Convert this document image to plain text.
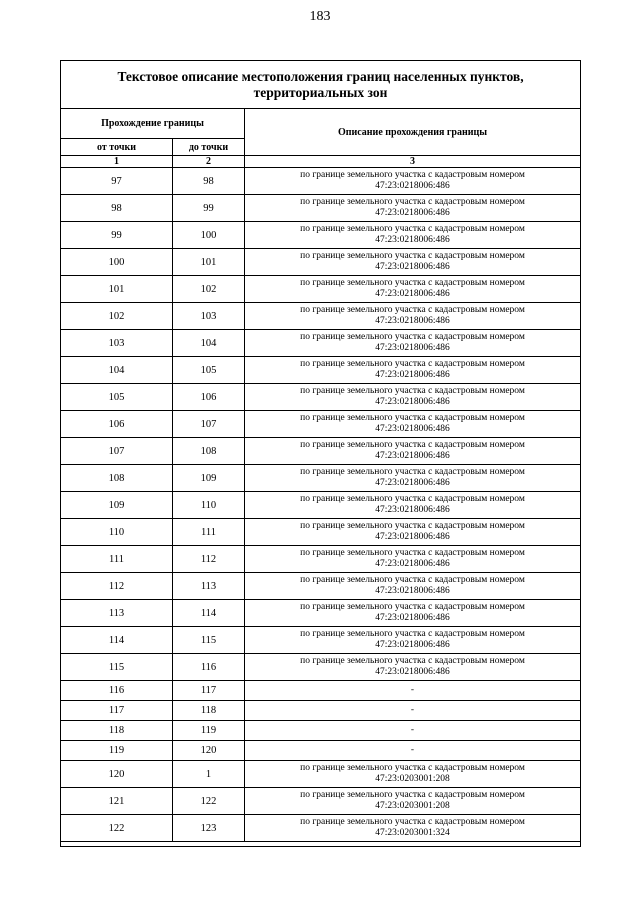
183
Текстовое описание местоположения границ населенных пунктов,
территориальных зон		

Прохождение границы		Описание прохождения границы
от точки	до точки	
1	2	3
97	98	по границе земельного участка с кадастровым номером
47:23:0218006:486

98	99	по границе земельного участка с кадастровым номером
47:23:0218006:486

99	100	по границе земельного участка с кадастровым номером
47:23:0218006:486

100	101	по границе земельного участка с кадастровым номером
47:23:0218006:486

101	102	по границе земельного участка с кадастровым номером
47:23:0218006:486

102	103	по границе земельного участка с кадастровым номером
47:23:0218006:486

103	104	по границе земельного участка с кадастровым номером
47:23:0218006:486

104	105	по границе земельного участка с кадастровым номером
47:23:0218006:486

105	106	по границе земельного участка с кадастровым номером
47:23:0218006:486

106	107	по границе земельного участка с кадастровым номером
47:23:0218006:486

107	108	по границе земельного участка с кадастровым номером
47:23:0218006:486

108	109	по границе земельного участка с кадастровым номером
47:23:0218006:486

109	110	по границе земельного участка с кадастровым номером
47:23:0218006:486

110	111	по границе земельного участка с кадастровым номером
47:23:0218006:486

111	112	по границе земельного участка с кадастровым номером
47:23:0218006:486

112	113	по границе земельного участка с кадастровым номером
47:23:0218006:486

113	114	по границе земельного участка с кадастровым номером
47:23:0218006:486

114	115	по границе земельного участка с кадастровым номером
47:23:0218006:486

115	116	по границе земельного участка с кадастровым номером
47:23:0218006:486

116	117	-

117	118	-

118	119	-

119	120	-

120	1	по границе земельного участка с кадастровым номером
47:23:0203001:208

121	122	по границе земельного участка с кадастровым номером
47:23:0203001:208

122	123	по границе земельного участка с кадастровым номером
47:23:0203001:324
